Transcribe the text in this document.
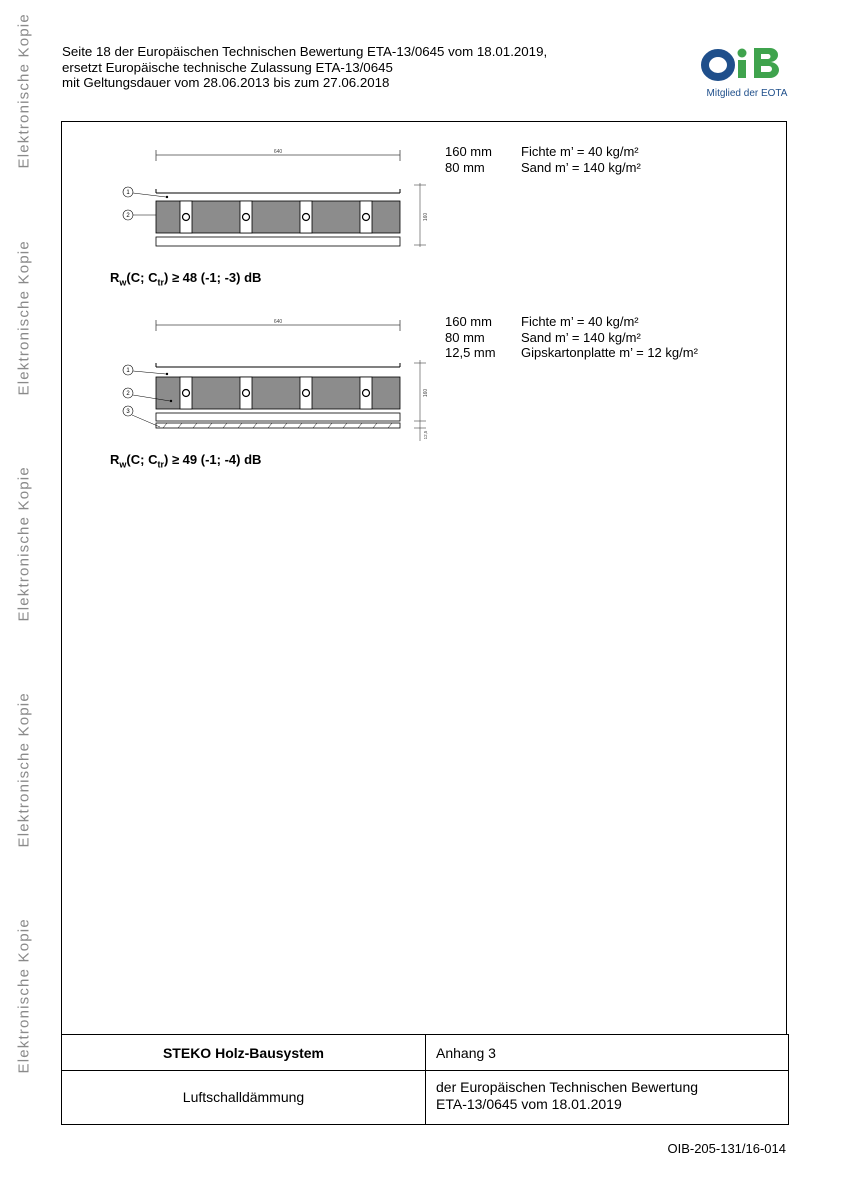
Elektronische Kopie
Elektronische Kopie
Elektronische Kopie
Elektronische Kopie
Elektronische Kopie
Seite 18 der Europäischen Technischen Bewertung ETA-13/0645 vom 18.01.2019,
ersetzt Europäische technische Zulassung ETA-13/0645
mit Geltungsdauer vom 28.06.2013 bis zum 27.06.2018
Mitglied der EOTA
640
160
1
2
160 mm Fichte m’ = 40 kg/m²
80 mm	Sand m’ = 140 kg/m²
$R_w(C$; $C_{tr}) \ge 48$ (-1; -3) dB
640
160
12,5
1
2
3
160 mm Fichte m’ = 40 kg/m²
80 mm	Sand m’ = 140 kg/m²
12,5 mm Gipskartonplatte m’ = 12 kg/m²
$R_w(C$; $C_{tr}) \ge 49$ (-1; -4) dB
STEKO Holz-Bausystem	Anhang 3
Luftschalldämmung
der Europäischen Technischen Bewertung
ETA-13/0645 vom 18.01.2019
OIB-205-131/16-014
